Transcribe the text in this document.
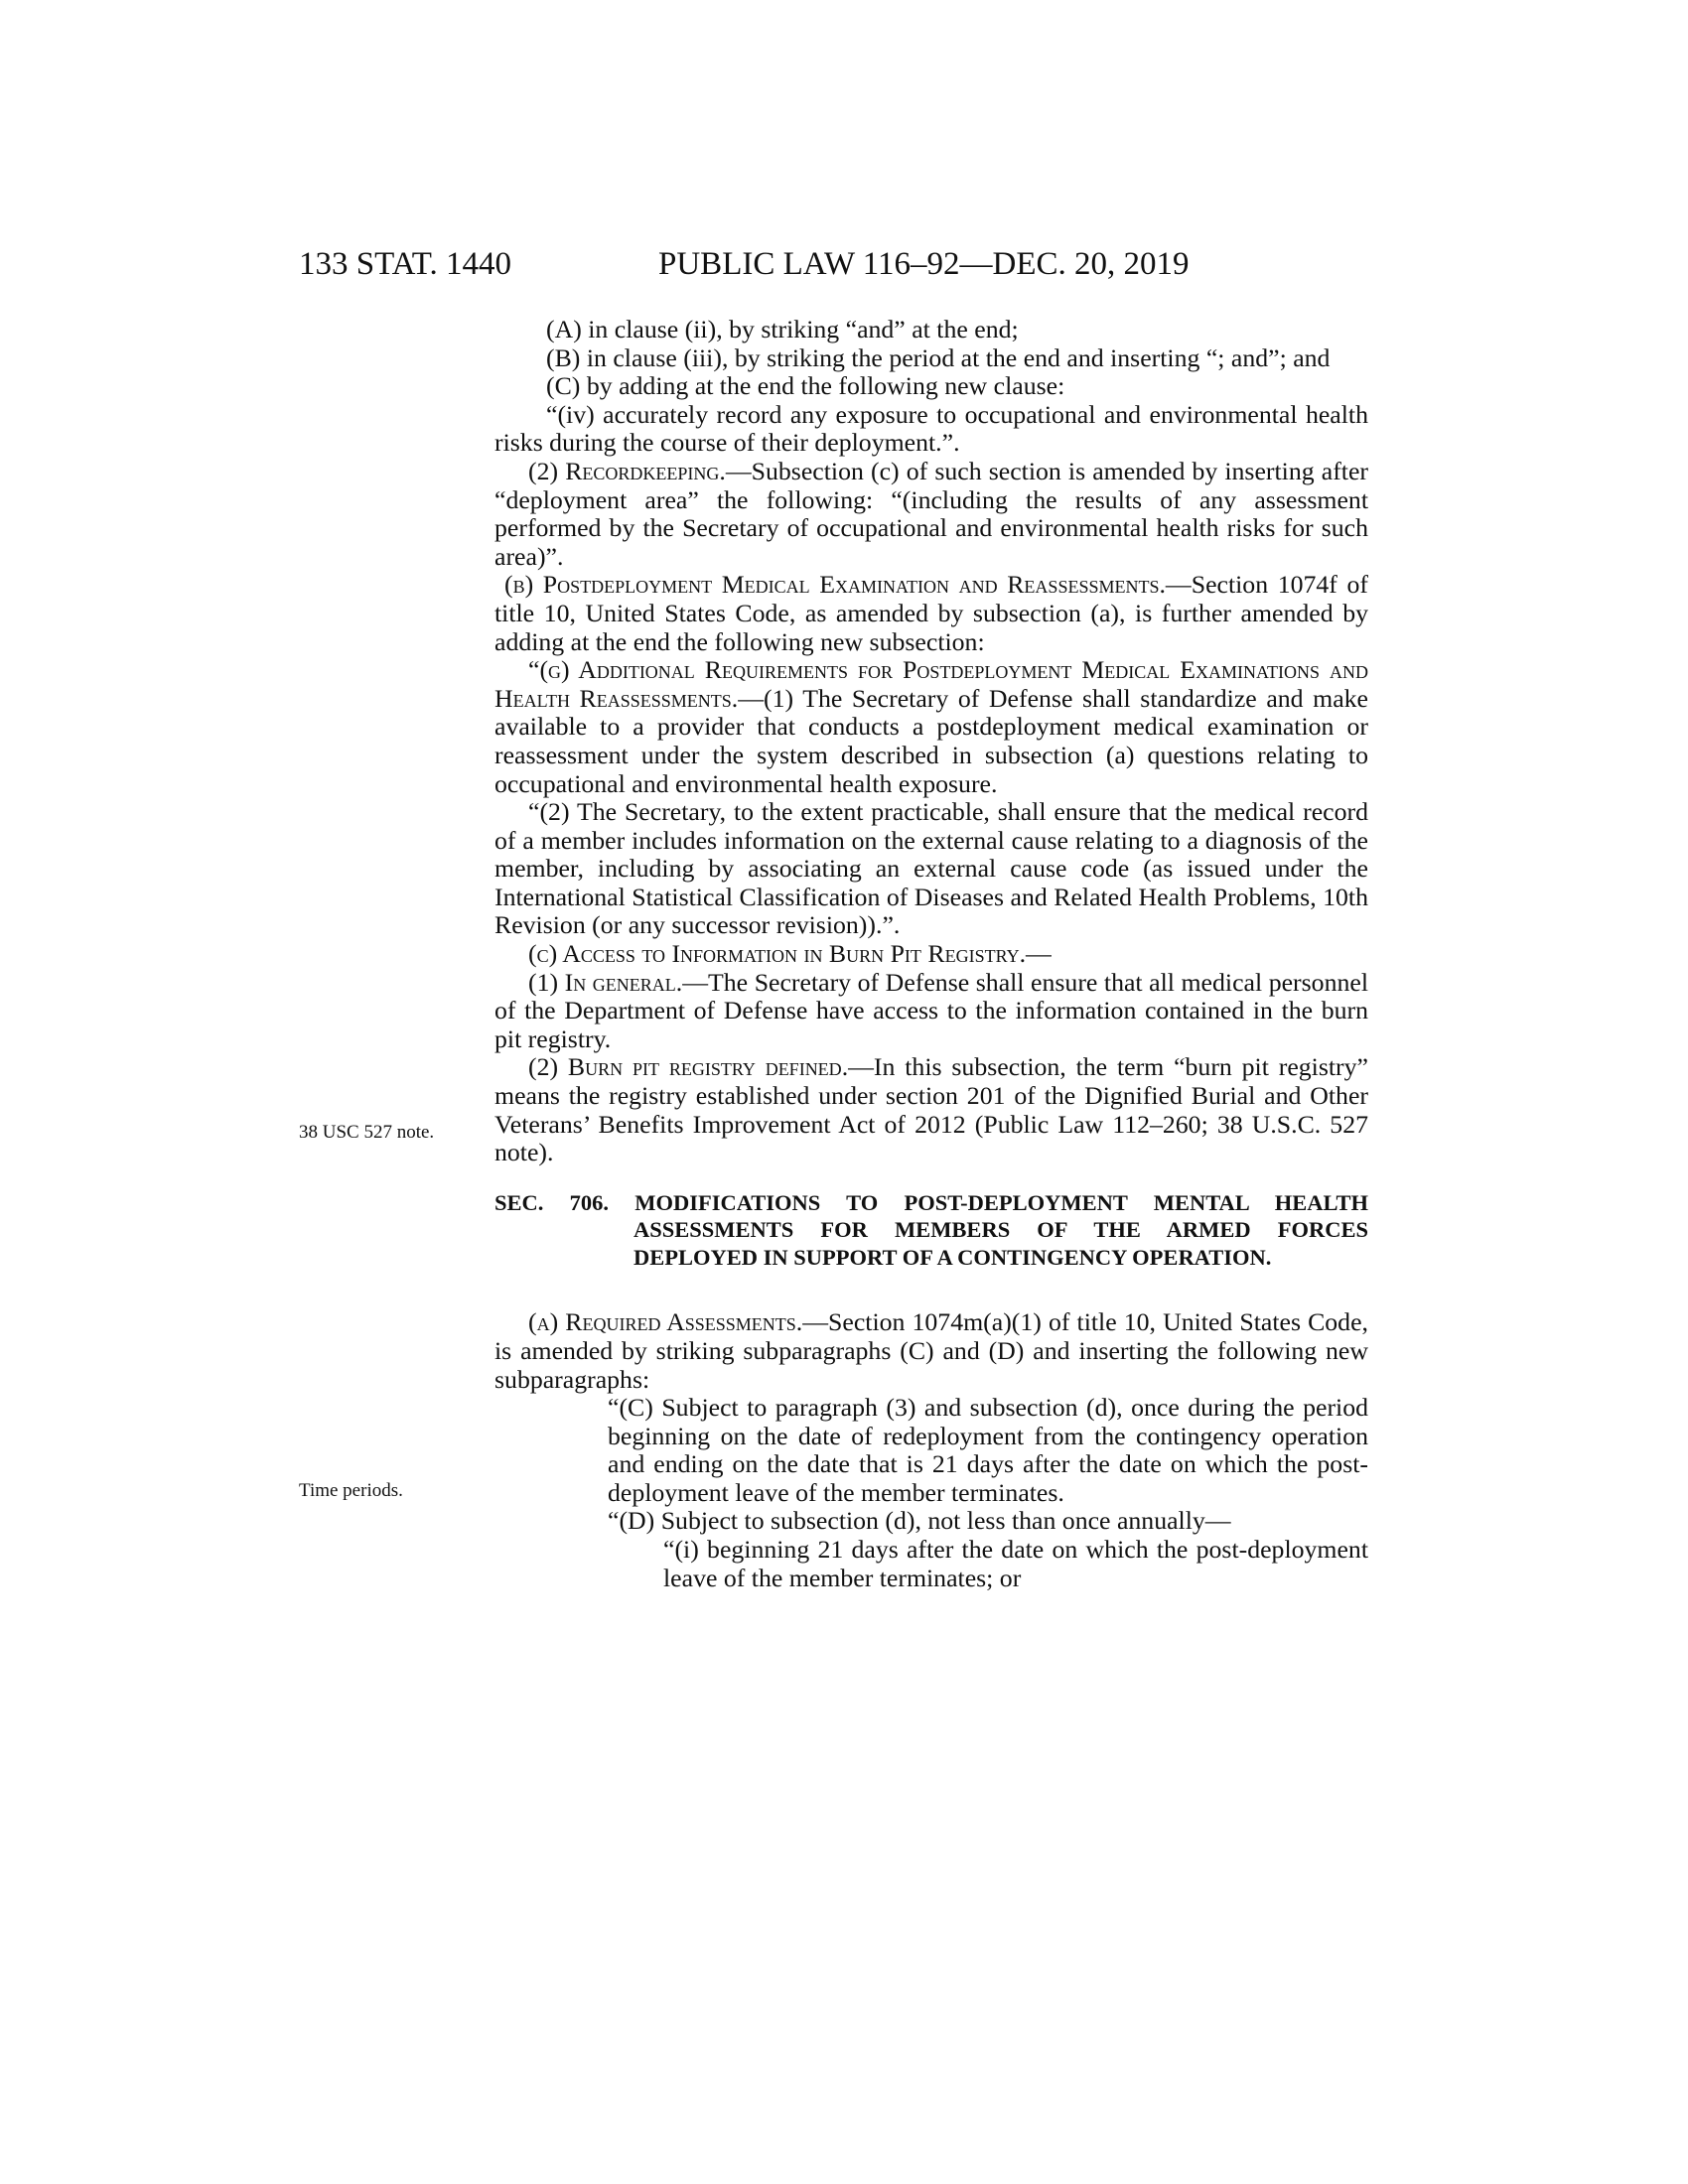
133 STAT. 1440	PUBLIC LAW 116–92—DEC. 20, 2019
38 USC 527 note.
Time periods.

(A) in clause (ii), by striking “and” at the end;

(B) in clause (iii), by striking the period at the end and inserting “; and”; and

(C) by adding at the end the following new clause:

“(iv) accurately record any exposure to occupational and environmental health risks during the course of their deployment.”.

(2) Recordkeeping.—Subsection (c) of such section is amended by inserting after “deployment area” the following: “(including the results of any assessment performed by the Secretary of occupational and environmental health risks for such area)”.

(b) Postdeployment Medical Examination and Reassessments.—Section 1074f of title 10, United States Code, as amended by subsection (a), is further amended by adding at the end the following new subsection:

“(g) Additional Requirements for Postdeployment Medical Examinations and Health Reassessments.—(1) The Secretary of Defense shall standardize and make available to a provider that conducts a postdeployment medical examination or reassessment under the system described in subsection (a) questions relating to occupational and environmental health exposure.

“(2) The Secretary, to the extent practicable, shall ensure that the medical record of a member includes information on the external cause relating to a diagnosis of the member, including by associating an external cause code (as issued under the International Statistical Classification of Diseases and Related Health Problems, 10th Revision (or any successor revision)).”.

(c) Access to Information in Burn Pit Registry.—

(1) In general.—The Secretary of Defense shall ensure that all medical personnel of the Department of Defense have access to the information contained in the burn pit registry.

(2) Burn pit registry defined.—In this subsection, the term “burn pit registry” means the registry established under section 201 of the Dignified Burial and Other Veterans’ Benefits Improvement Act of 2012 (Public Law 112–260; 38 U.S.C. 527 note).

SEC. 706. MODIFICATIONS TO POST-DEPLOYMENT MENTAL HEALTH ASSESSMENTS FOR MEMBERS OF THE ARMED FORCES DEPLOYED IN SUPPORT OF A CONTINGENCY OPERATION.

(a) Required Assessments.—Section 1074m(a)(1) of title 10, United States Code, is amended by striking subparagraphs (C) and (D) and inserting the following new subparagraphs:

“(C) Subject to paragraph (3) and subsection (d), once during the period beginning on the date of redeployment from the contingency operation and ending on the date that is 21 days after the date on which the post-deployment leave of the member terminates.

“(D) Subject to subsection (d), not less than once annually—

“(i) beginning 21 days after the date on which the post-deployment leave of the member terminates; or
